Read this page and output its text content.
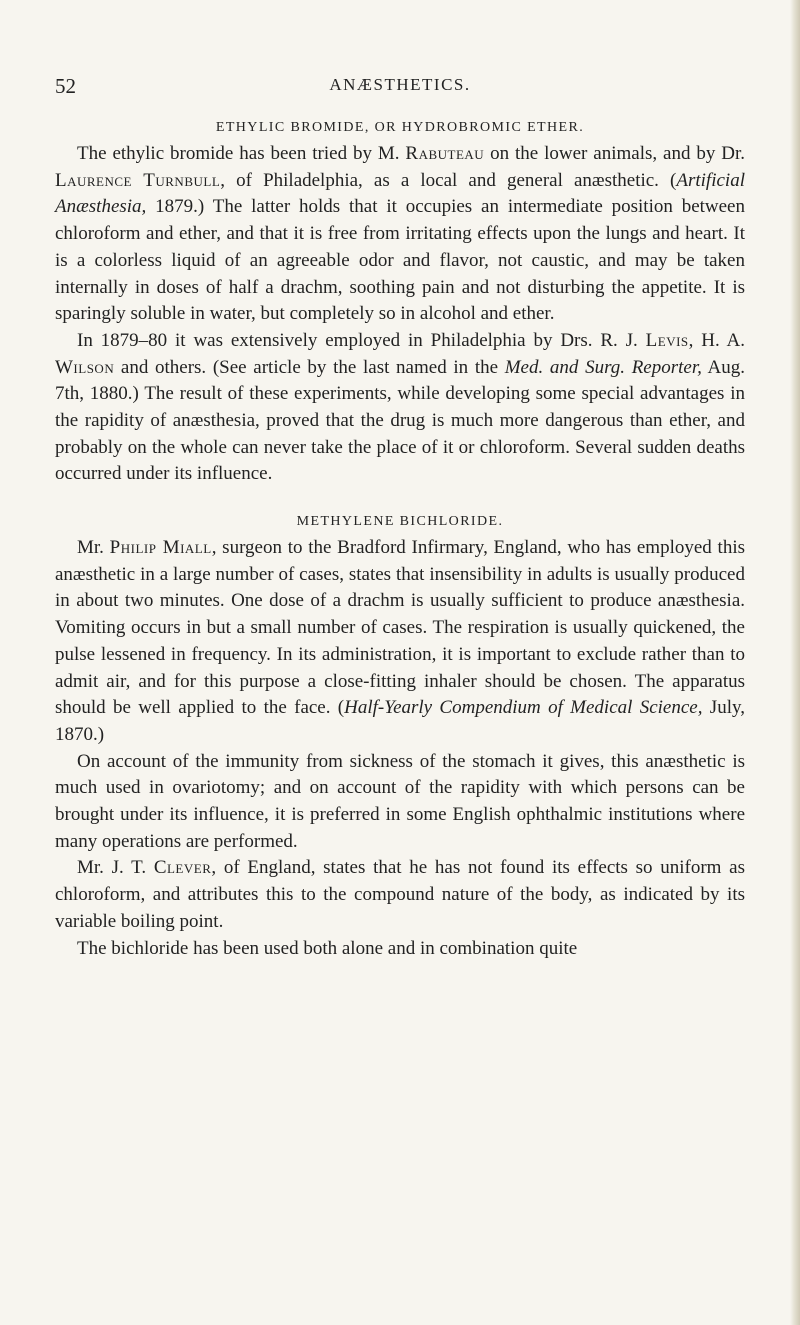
52	ANÆSTHETICS.
ETHYLIC BROMIDE, OR HYDROBROMIC ETHER.

The ethylic bromide has been tried by M. Rabuteau on the lower animals, and by Dr. Laurence Turnbull, of Philadelphia, as a local and general anæsthetic. (Artificial Anæsthesia, 1879.) The latter holds that it occupies an intermediate position between chloroform and ether, and that it is free from irritating effects upon the lungs and heart. It is a colorless liquid of an agreeable odor and flavor, not caustic, and may be taken internally in doses of half a drachm, soothing pain and not disturbing the appetite. It is sparingly soluble in water, but completely so in alcohol and ether.

In 1879–80 it was extensively employed in Philadelphia by Drs. R. J. Levis, H. A. Wilson and others. (See article by the last named in the Med. and Surg. Reporter, Aug. 7th, 1880.) The result of these experiments, while developing some special advantages in the rapidity of anæsthesia, proved that the drug is much more dangerous than ether, and probably on the whole can never take the place of it or chloroform. Several sudden deaths occurred under its influence.

METHYLENE BICHLORIDE.

Mr. Philip Miall, surgeon to the Bradford Infirmary, England, who has employed this anæsthetic in a large number of cases, states that insensibility in adults is usually produced in about two minutes. One dose of a drachm is usually sufficient to produce anæsthesia. Vomiting occurs in but a small number of cases. The respiration is usually quickened, the pulse lessened in frequency. In its administration, it is important to exclude rather than to admit air, and for this purpose a close-fitting inhaler should be chosen. The apparatus should be well applied to the face. (Half-Yearly Compendium of Medical Science, July, 1870.)

On account of the immunity from sickness of the stomach it gives, this anæsthetic is much used in ovariotomy; and on account of the rapidity with which persons can be brought under its influence, it is preferred in some English ophthalmic institutions where many operations are performed.

Mr. J. T. Clever, of England, states that he has not found its effects so uniform as chloroform, and attributes this to the compound nature of the body, as indicated by its variable boiling point.

The bichloride has been used both alone and in combination quite
